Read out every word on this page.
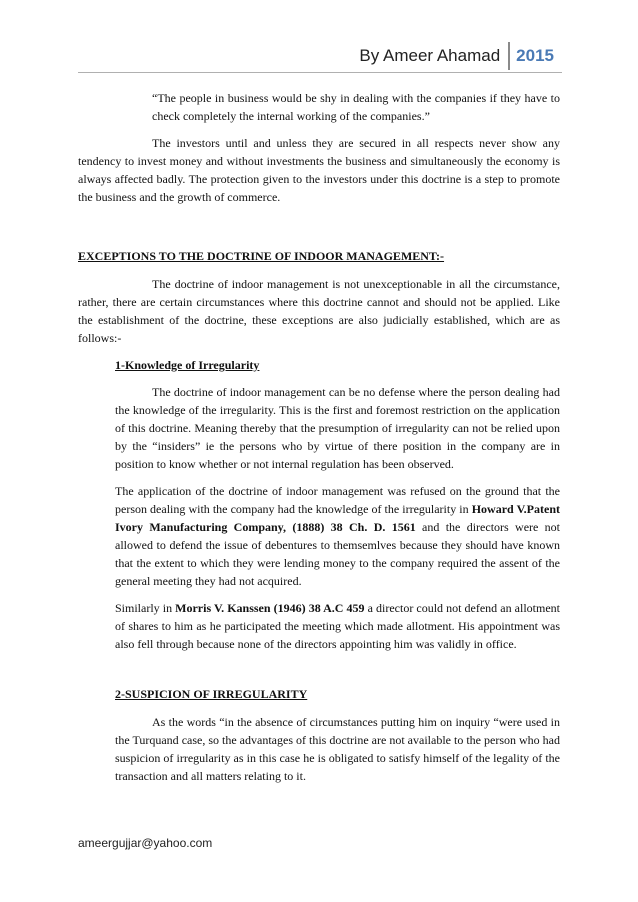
By Ameer Ahamad 2015

“The people in business would be shy in dealing with the companies if they have to check completely the internal working of the companies.”

The investors until and unless they are secured in all respects never show any tendency to invest money and without investments the business and simultaneously the economy is always affected badly. The protection given to the investors under this doctrine is a step to promote the business and the growth of commerce.

EXCEPTIONS TO THE DOCTRINE OF INDOOR MANAGEMENT:-

The doctrine of indoor management is not unexceptionable in all the circumstance, rather, there are certain circumstances where this doctrine cannot and should not be applied. Like the establishment of the doctrine, these exceptions are also judicially established, which are as follows:-

1-Knowledge of Irregularity

The doctrine of indoor management can be no defense where the person dealing had the knowledge of the irregularity. This is the first and foremost restriction on the application of this doctrine. Meaning thereby that the presumption of irregularity can not be relied upon by the “insiders” ie the persons who by virtue of there position in the company are in position to know whether or not internal regulation has been observed.

The application of the doctrine of indoor management was refused on the ground that the person dealing with the company had the knowledge of the irregularity in Howard V.Patent Ivory Manufacturing Company, (1888) 38 Ch. D. 1561 and the directors were not allowed to defend the issue of debentures to themsemlves because they should have known that the extent to which they were lending money to the company required the assent of the general meeting they had not acquired.

Similarly in Morris V. Kanssen (1946) 38 A.C 459 a director could not defend an allotment of shares to him as he participated the meeting which made allotment. His appointment was also fell through because none of the directors appointing him was validly in office.

2-SUSPICION OF IRREGULARITY

As the words “in the absence of circumstances putting him on inquiry “were used in the Turquand case, so the advantages of this doctrine are not available to the person who had suspicion of irregularity as in this case he is obligated to satisfy himself of the legality of the transaction and all matters relating to it.

ameergujjar@yahoo.com
